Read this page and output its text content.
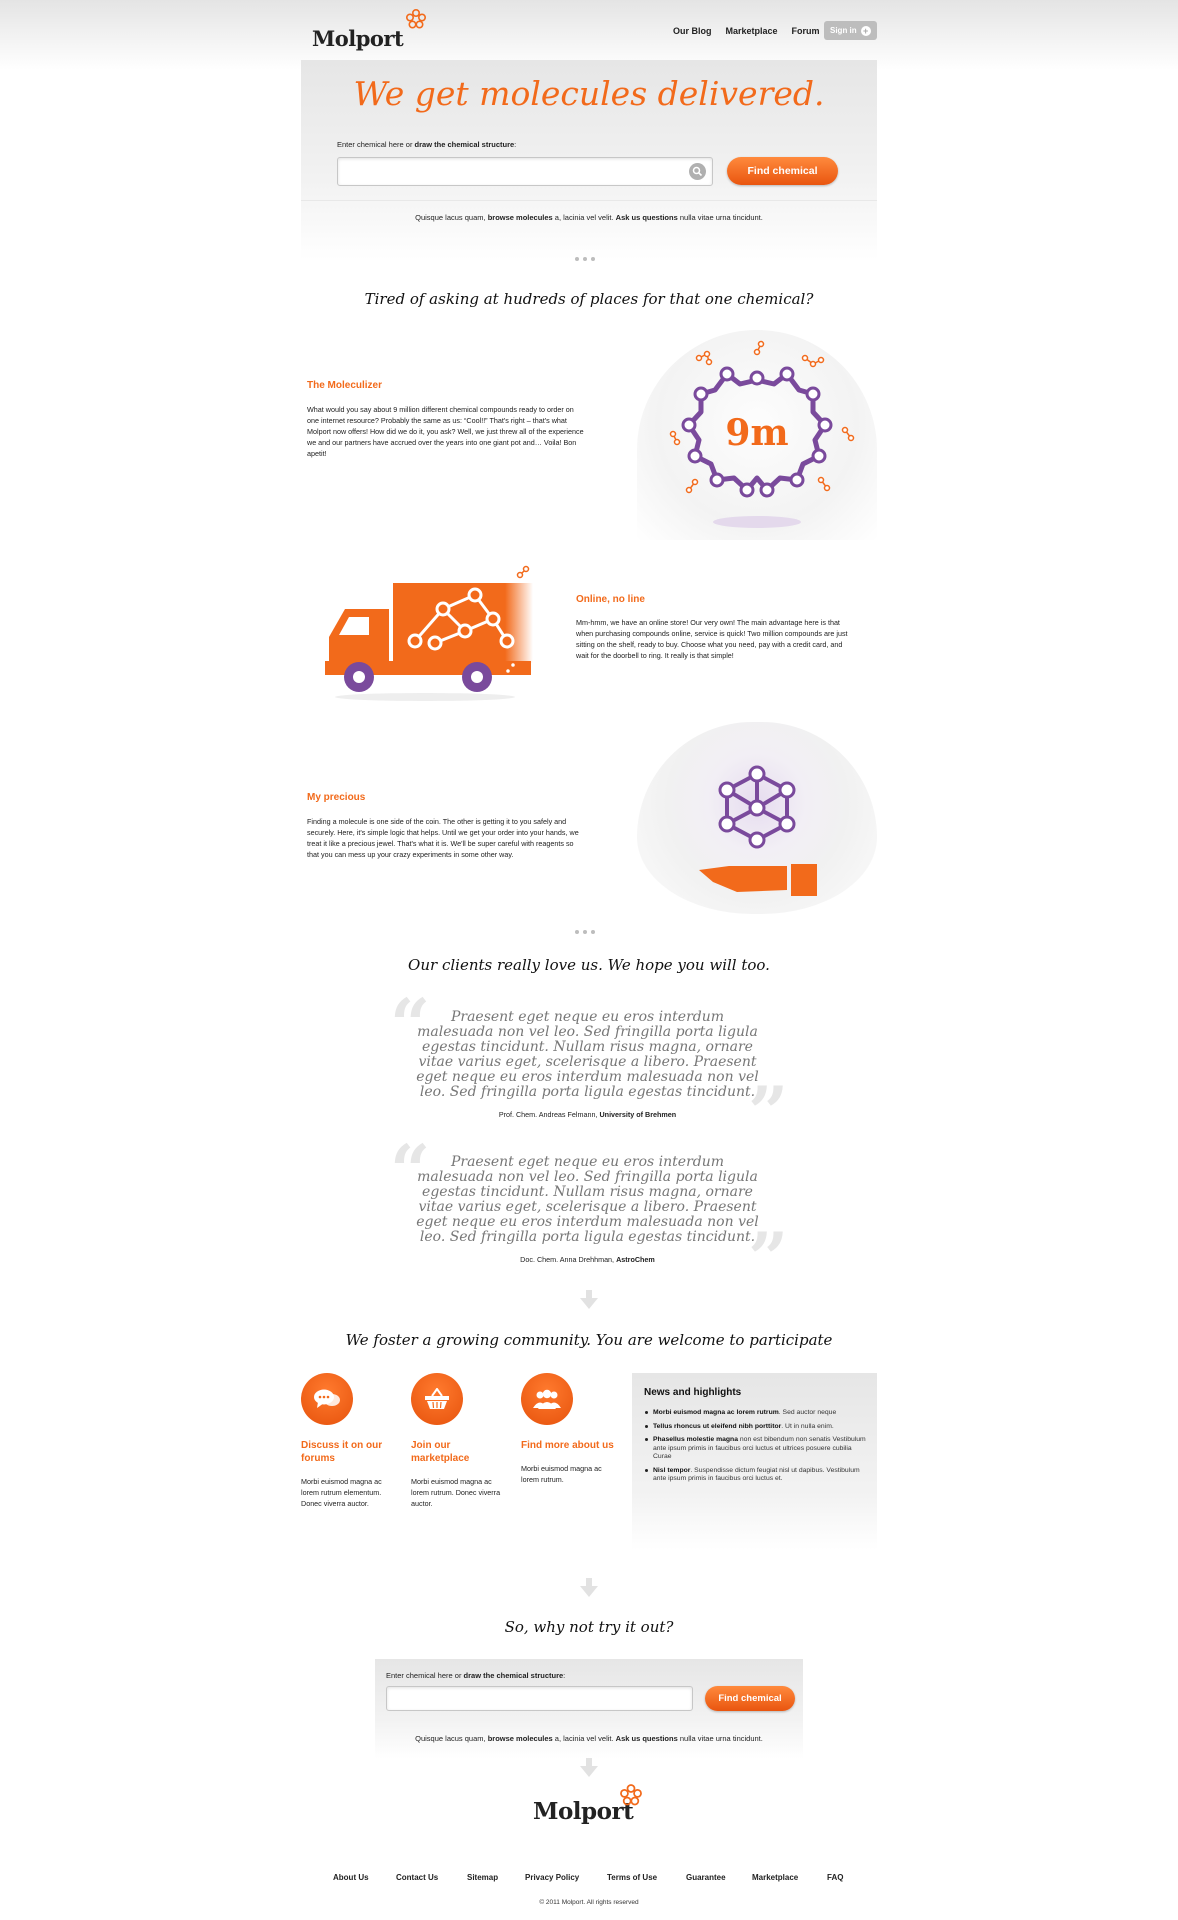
Molport	Our Blog Marketplace Forum Sign in +
We get molecules delivered.
Enter chemical here or draw the chemical structure:
Find chemical
Quisque lacus quam, browse molecules a, lacinia vel velit. Ask us questions nulla vitae urna tincidunt.
Tired of asking at hudreds of places for that one chemical?
The Moleculizer
What would you say about 9 million different chemical compounds ready to order on one internet resource? Probably the same as us: “Cool!!” That's right – that's what Molport now offers! How did we do it, you ask? Well, we just threw all of the experience we and our partners have accrued over the years into one giant pot and… Voila! Bon apetit!	9m
Online, no line
Mm-hmm, we have an online store! Our very own! The main advantage here is that when purchasing compounds online, service is quick! Two million compounds are just sitting on the shelf, ready to buy. Choose what you need, pay with a credit card, and wait for the doorbell to ring. It really is that simple!
My precious
Finding a molecule is one side of the coin. The other is getting it to you safely and securely. Here, it's simple logic that helps. Until we get your order into your hands, we treat it like a precious jewel. That's what it is. We'll be super careful with reagents so that you can mess up your crazy experiments in some other way.
Our clients really love us. We hope you will too.
“	Praesent eget neque eu eros interdum malesuada non vel leo. Sed fringilla porta ligula egestas tincidunt. Nullam risus magna, ornare vitae varius eget, scelerisque a libero. Praesent eget neque eu eros interdum malesuada non vel leo. Sed fringilla porta ligula egestas tincidunt.
”
Prof. Chem. Andreas Felmann, University of Brehmen
“	Praesent eget neque eu eros interdum malesuada non vel leo. Sed fringilla porta ligula egestas tincidunt. Nullam risus magna, ornare vitae varius eget, scelerisque a libero. Praesent eget neque eu eros interdum malesuada non vel leo. Sed fringilla porta ligula egestas tincidunt.
”
Doc. Chem. Anna Drehhman, AstroChem
We foster a growing community. You are welcome to participate
Discuss it on our forums
Morbi euismod magna ac lorem rutrum elementum. Donec viverra auctor.
Join our marketplace
Morbi euismod magna ac lorem rutrum. Donec viverra auctor.
Find more about us
Morbi euismod magna ac lorem rutrum.
News and highlights
Morbi euismod magna ac lorem rutrum. Sed auctor neque
Tellus rhoncus ut eleifend nibh porttitor. Ut in nulla enim.
Phasellus molestie magna non est bibendum non senatis Vestibulum ante ipsum primis in faucibus orci luctus et ultrices posuere cubilia Curae
Nisl tempor. Suspendisse dictum feugiat nisl ut dapibus. Vestibulum ante ipsum primis in faucibus orci luctus et.
So, why not try it out?
Enter chemical here or draw the chemical structure:
Find chemical
Quisque lacus quam, browse molecules a, lacinia vel velit. Ask us questions nulla vitae urna tincidunt.
Molport
About Us	Contact Us	Sitemap	Privacy Policy	Terms of Use	Guarantee	Marketplace	FAQ
© 2011 Molport. All rights reserved
